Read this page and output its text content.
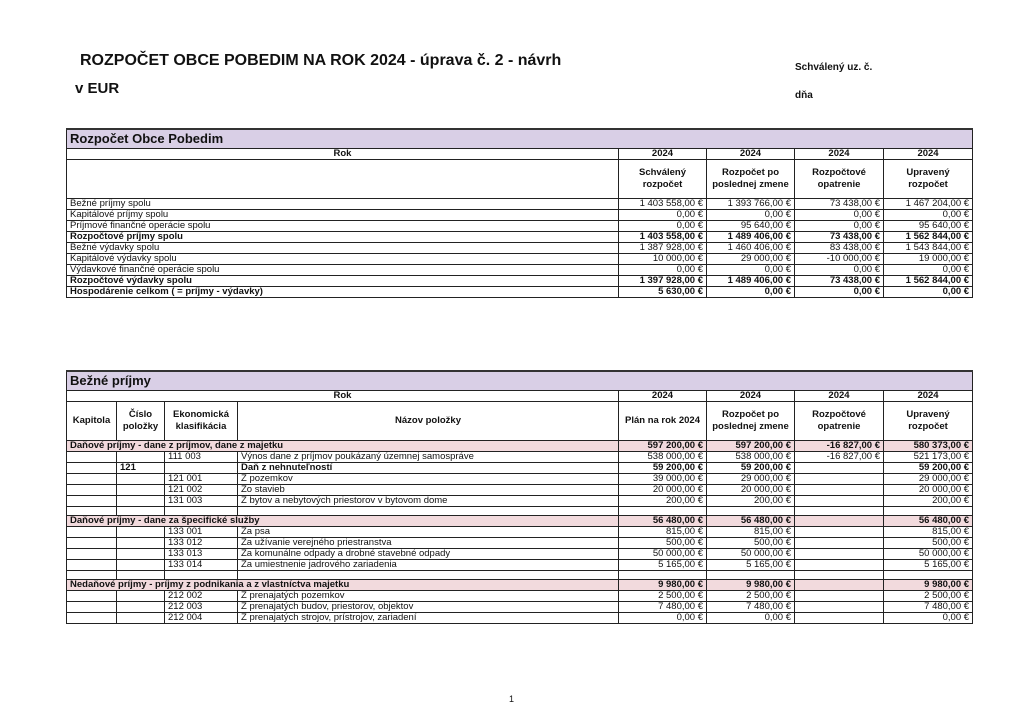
ROZPOČET OBCE POBEDIM NA ROK 2024 - úprava č. 2 - návrh
v EUR
Schválený uz. č.
dňa
Rozpočet Obce Pobedim				
Rok	2024	2024	2024	2024
	Schválený rozpočet	Rozpočet po poslednej zmene	Rozpočtové opatrenie	Upravený rozpočet
Bežné príjmy spolu	1 403 558,00 €	1 393 766,00 €	73 438,00 €	1 467 204,00 €
Kapitálové príjmy spolu	0,00 €	0,00 €	0,00 €	0,00 €
Príjmové finančné operácie spolu	0,00 €	95 640,00 €	0,00 €	95 640,00 €
Rozpočtové príjmy spolu	1 403 558,00 €	1 489 406,00 €	73 438,00 €	1 562 844,00 €
Bežné výdavky spolu	1 387 928,00 €	1 460 406,00 €	83 438,00 €	1 543 844,00 €
Kapitálové výdavky spolu	10 000,00 €	29 000,00 €	-10 000,00 €	19 000,00 €
Výdavkové finančné operácie spolu	0,00 €	0,00 €	0,00 €	0,00 €
Rozpočtové výdavky spolu	1 397 928,00 €	1 489 406,00 €	73 438,00 €	1 562 844,00 €
Hospodárenie celkom ( = príjmy - výdavky)	5 630,00 €	0,00 €	0,00 €	0,00 €
Bežné príjmy							
Rok				2024	2024	2024	2024
Kapitola	Číslo položky	Ekonomická klasifikácia	Názov položky	Plán na rok 2024	Rozpočet po poslednej zmene	Rozpočtové opatrenie	Upravený rozpočet
Daňové príjmy - dane z príjmov, dane z majetku				597 200,00 €	597 200,00 €	-16 827,00 €	580 373,00 €
		111 003	Výnos dane z príjmov poukázaný územnej samospráve	538 000,00 €	538 000,00 €	-16 827,00 €	521 173,00 €
	121		Daň z nehnuteľností	59 200,00 €	59 200,00 €		59 200,00 €
		121 001	Z pozemkov	39 000,00 €	29 000,00 €		29 000,00 €
		121 002	Zo stavieb	20 000,00 €	20 000,00 €		20 000,00 €
		131 003	Z bytov a nebytových priestorov v bytovom dome	200,00 €	200,00 €		200,00 €

Daňové príjmy - dane za špecifické služby				56 480,00 €	56 480,00 €		56 480,00 €
		133 001	Za psa	815,00 €	815,00 €		815,00 €
		133 012	Za užívanie verejného priestranstva	500,00 €	500,00 €		500,00 €
		133 013	Za komunálne odpady a drobné stavebné odpady	50 000,00 €	50 000,00 €		50 000,00 €
		133 014	Za umiestnenie jadrového zariadenia	5 165,00 €	5 165,00 €		5 165,00 €

Nedaňové príjmy - príjmy z podnikania a z vlastníctva majetku				9 980,00 €	9 980,00 €		9 980,00 €
		212 002	Z prenajatých pozemkov	2 500,00 €	2 500,00 €		2 500,00 €
		212 003	Z prenajatých budov, priestorov, objektov	7 480,00 €	7 480,00 €		7 480,00 €
		212 004	Z prenajatých strojov, prístrojov, zariadení	0,00 €	0,00 €		0,00 €
1
